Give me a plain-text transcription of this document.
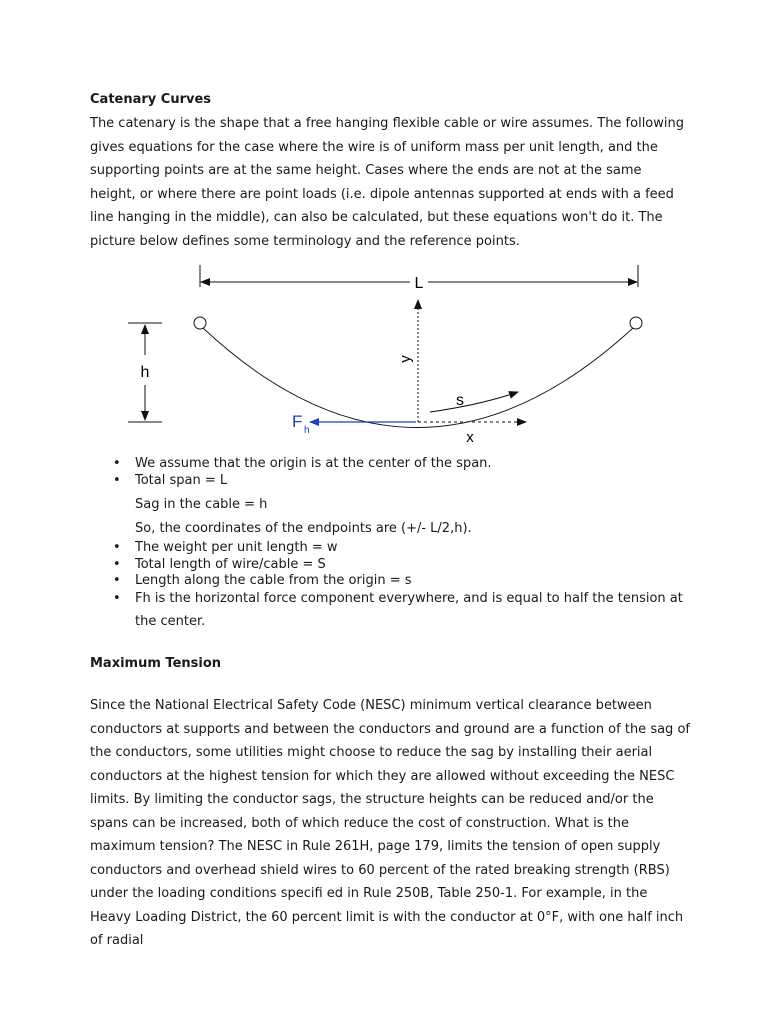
Catenary Curves

The catenary is the shape that a free hanging flexible cable or wire assumes. The following gives equations for the case where the wire is of uniform mass per unit length, and the supporting points are at the same height. Cases where the ends are not at the same height, or where there are point loads (i.e. dipole antennas supported at ends with a feed line hanging in the middle), can also be calculated, but these equations won't do it. The picture below defines some terminology and the reference points.

L
h
y
x
s
F h
• We assume that the origin is at the center of the span.
• Total span = L
Sag in the cable = h
So, the coordinates of the endpoints are (+/- L/2,h).
• The weight per unit length = w
• Total length of wire/cable = S
• Length along the cable from the origin = s
• Fh is the horizontal force component everywhere, and is equal to half the tension at the center.
Maximum Tension

Since the National Electrical Safety Code (NESC) minimum vertical clearance between conductors at supports and between the conductors and ground are a function of the sag of the conductors, some utilities might choose to reduce the sag by installing their aerial conductors at the highest tension for which they are allowed without exceeding the NESC limits. By limiting the conductor sags, the structure heights can be reduced and/or the spans can be increased, both of which reduce the cost of construction. What is the maximum tension? The NESC in Rule 261H, page 179, limits the tension of open supply conductors and overhead shield wires to 60 percent of the rated breaking strength (RBS) under the loading conditions specifi ed in Rule 250B, Table 250-1. For example, in the Heavy Loading District, the 60 percent limit is with the conductor at 0°F, with one half inch of radial
